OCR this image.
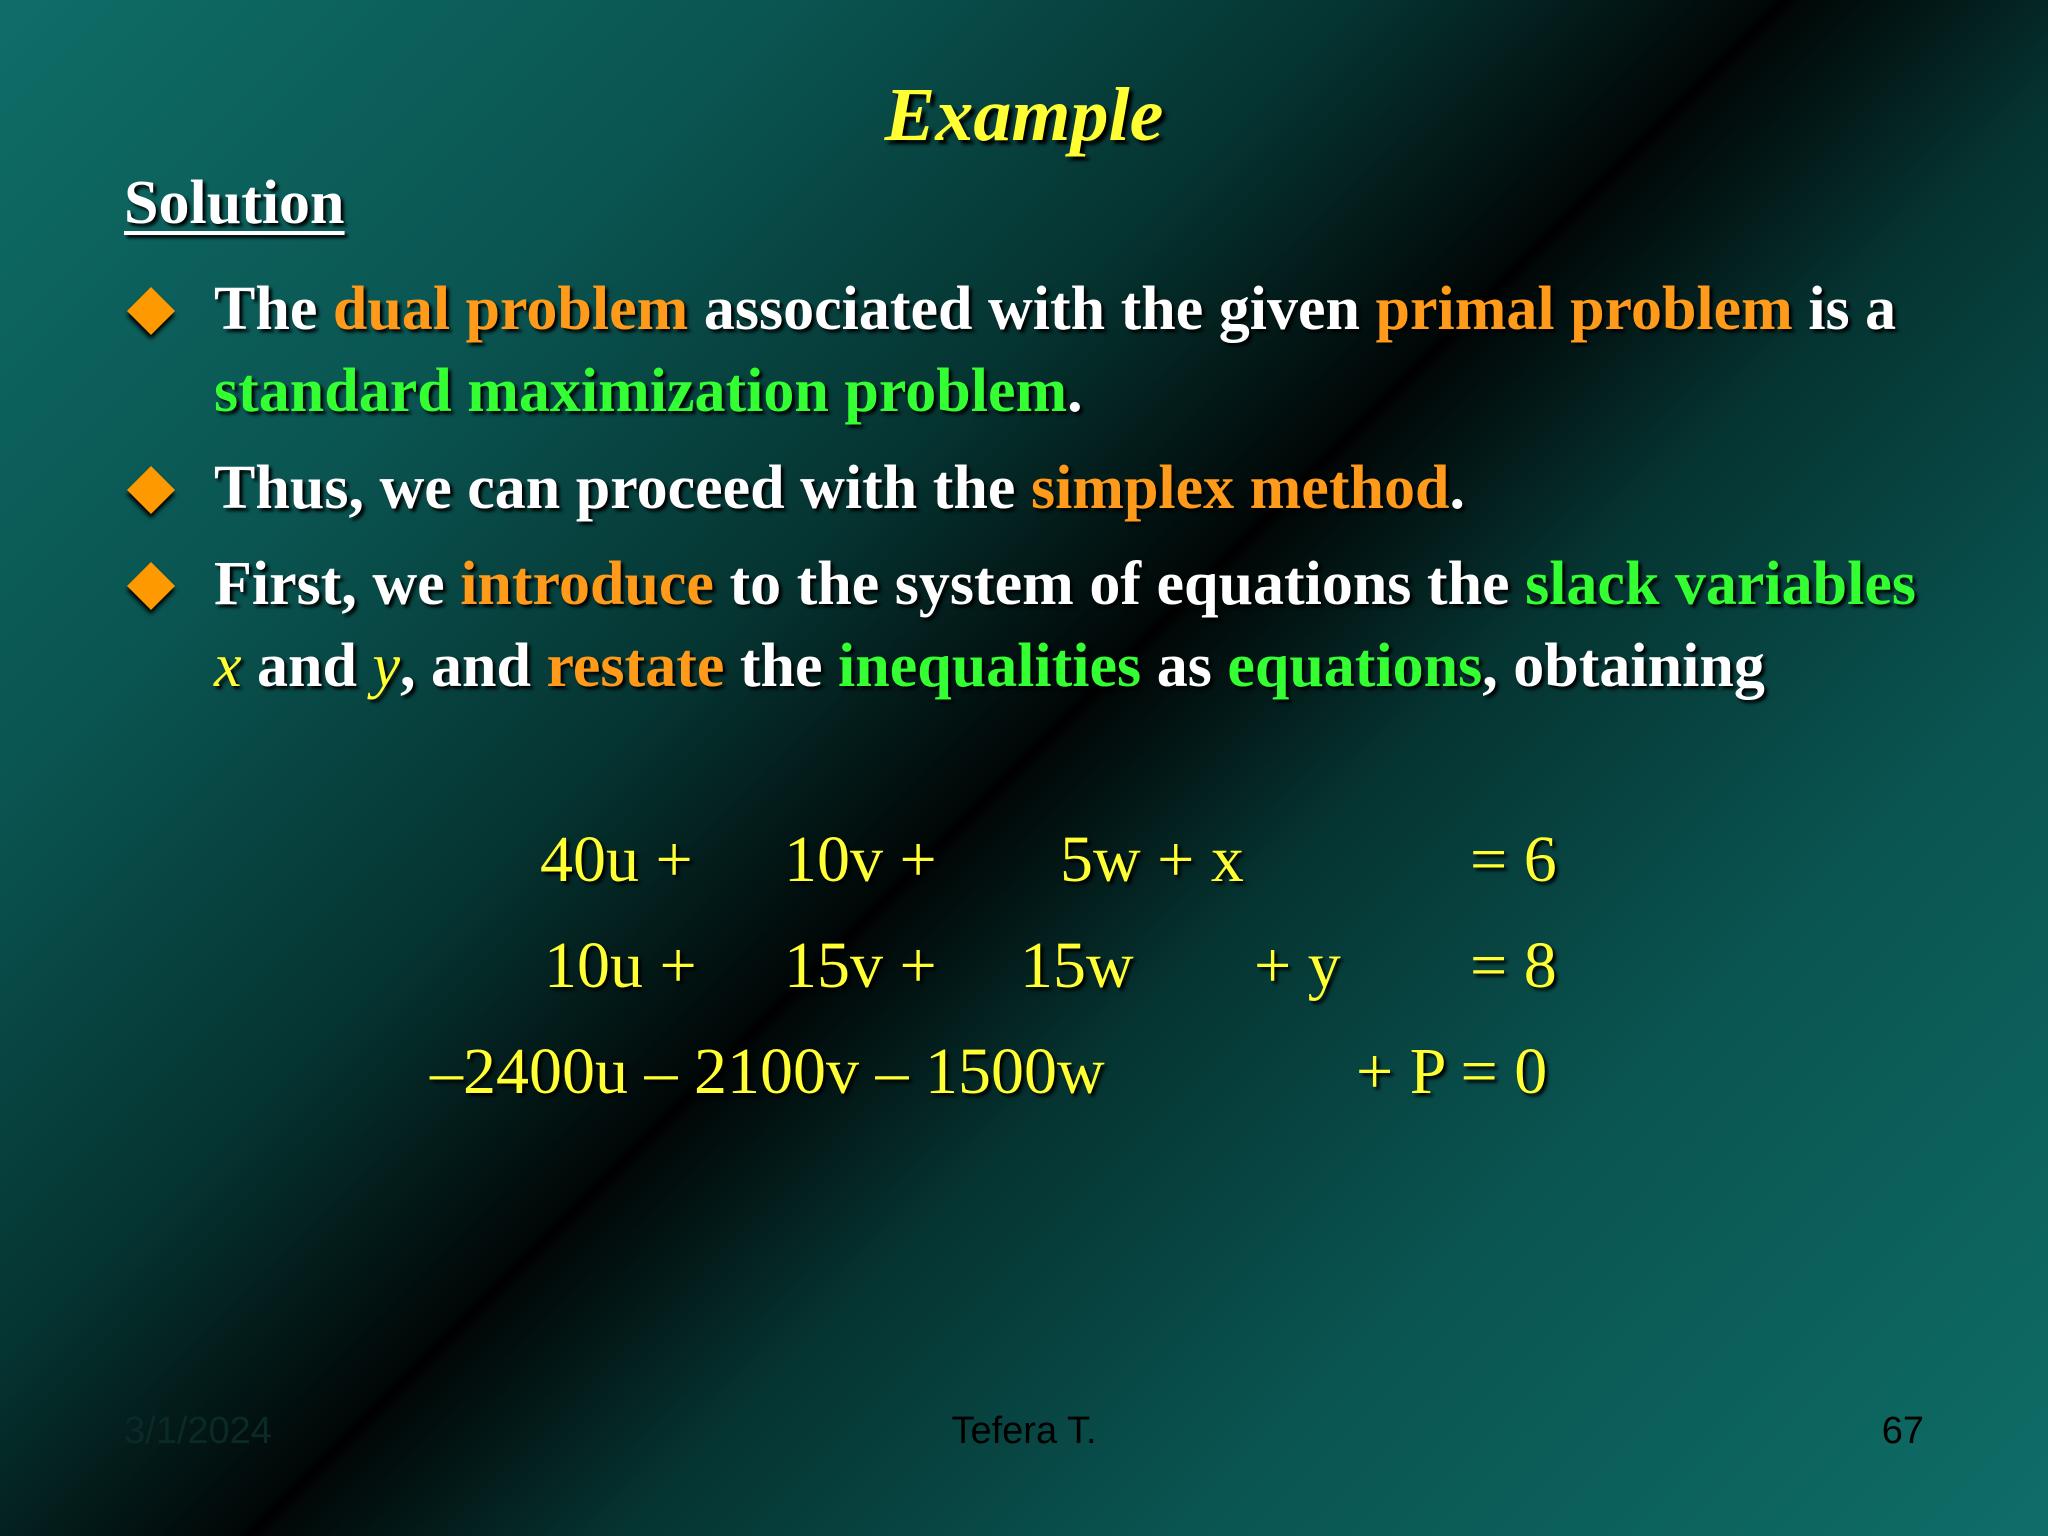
Example
Solution
The dual problem associated with the given primal problem is a standard maximization problem.
Thus, we can proceed with the simplex method.
First, we introduce to the system of equations the slack variables x and y, and restate the inequalities as equations, obtaining
40u + 10v + 5w + x	= 6
10u + 15v + 15w + y = 8
–2400u – 2100v – 1500w	+ P = 0
3/1/2024	Tefera T.	67
